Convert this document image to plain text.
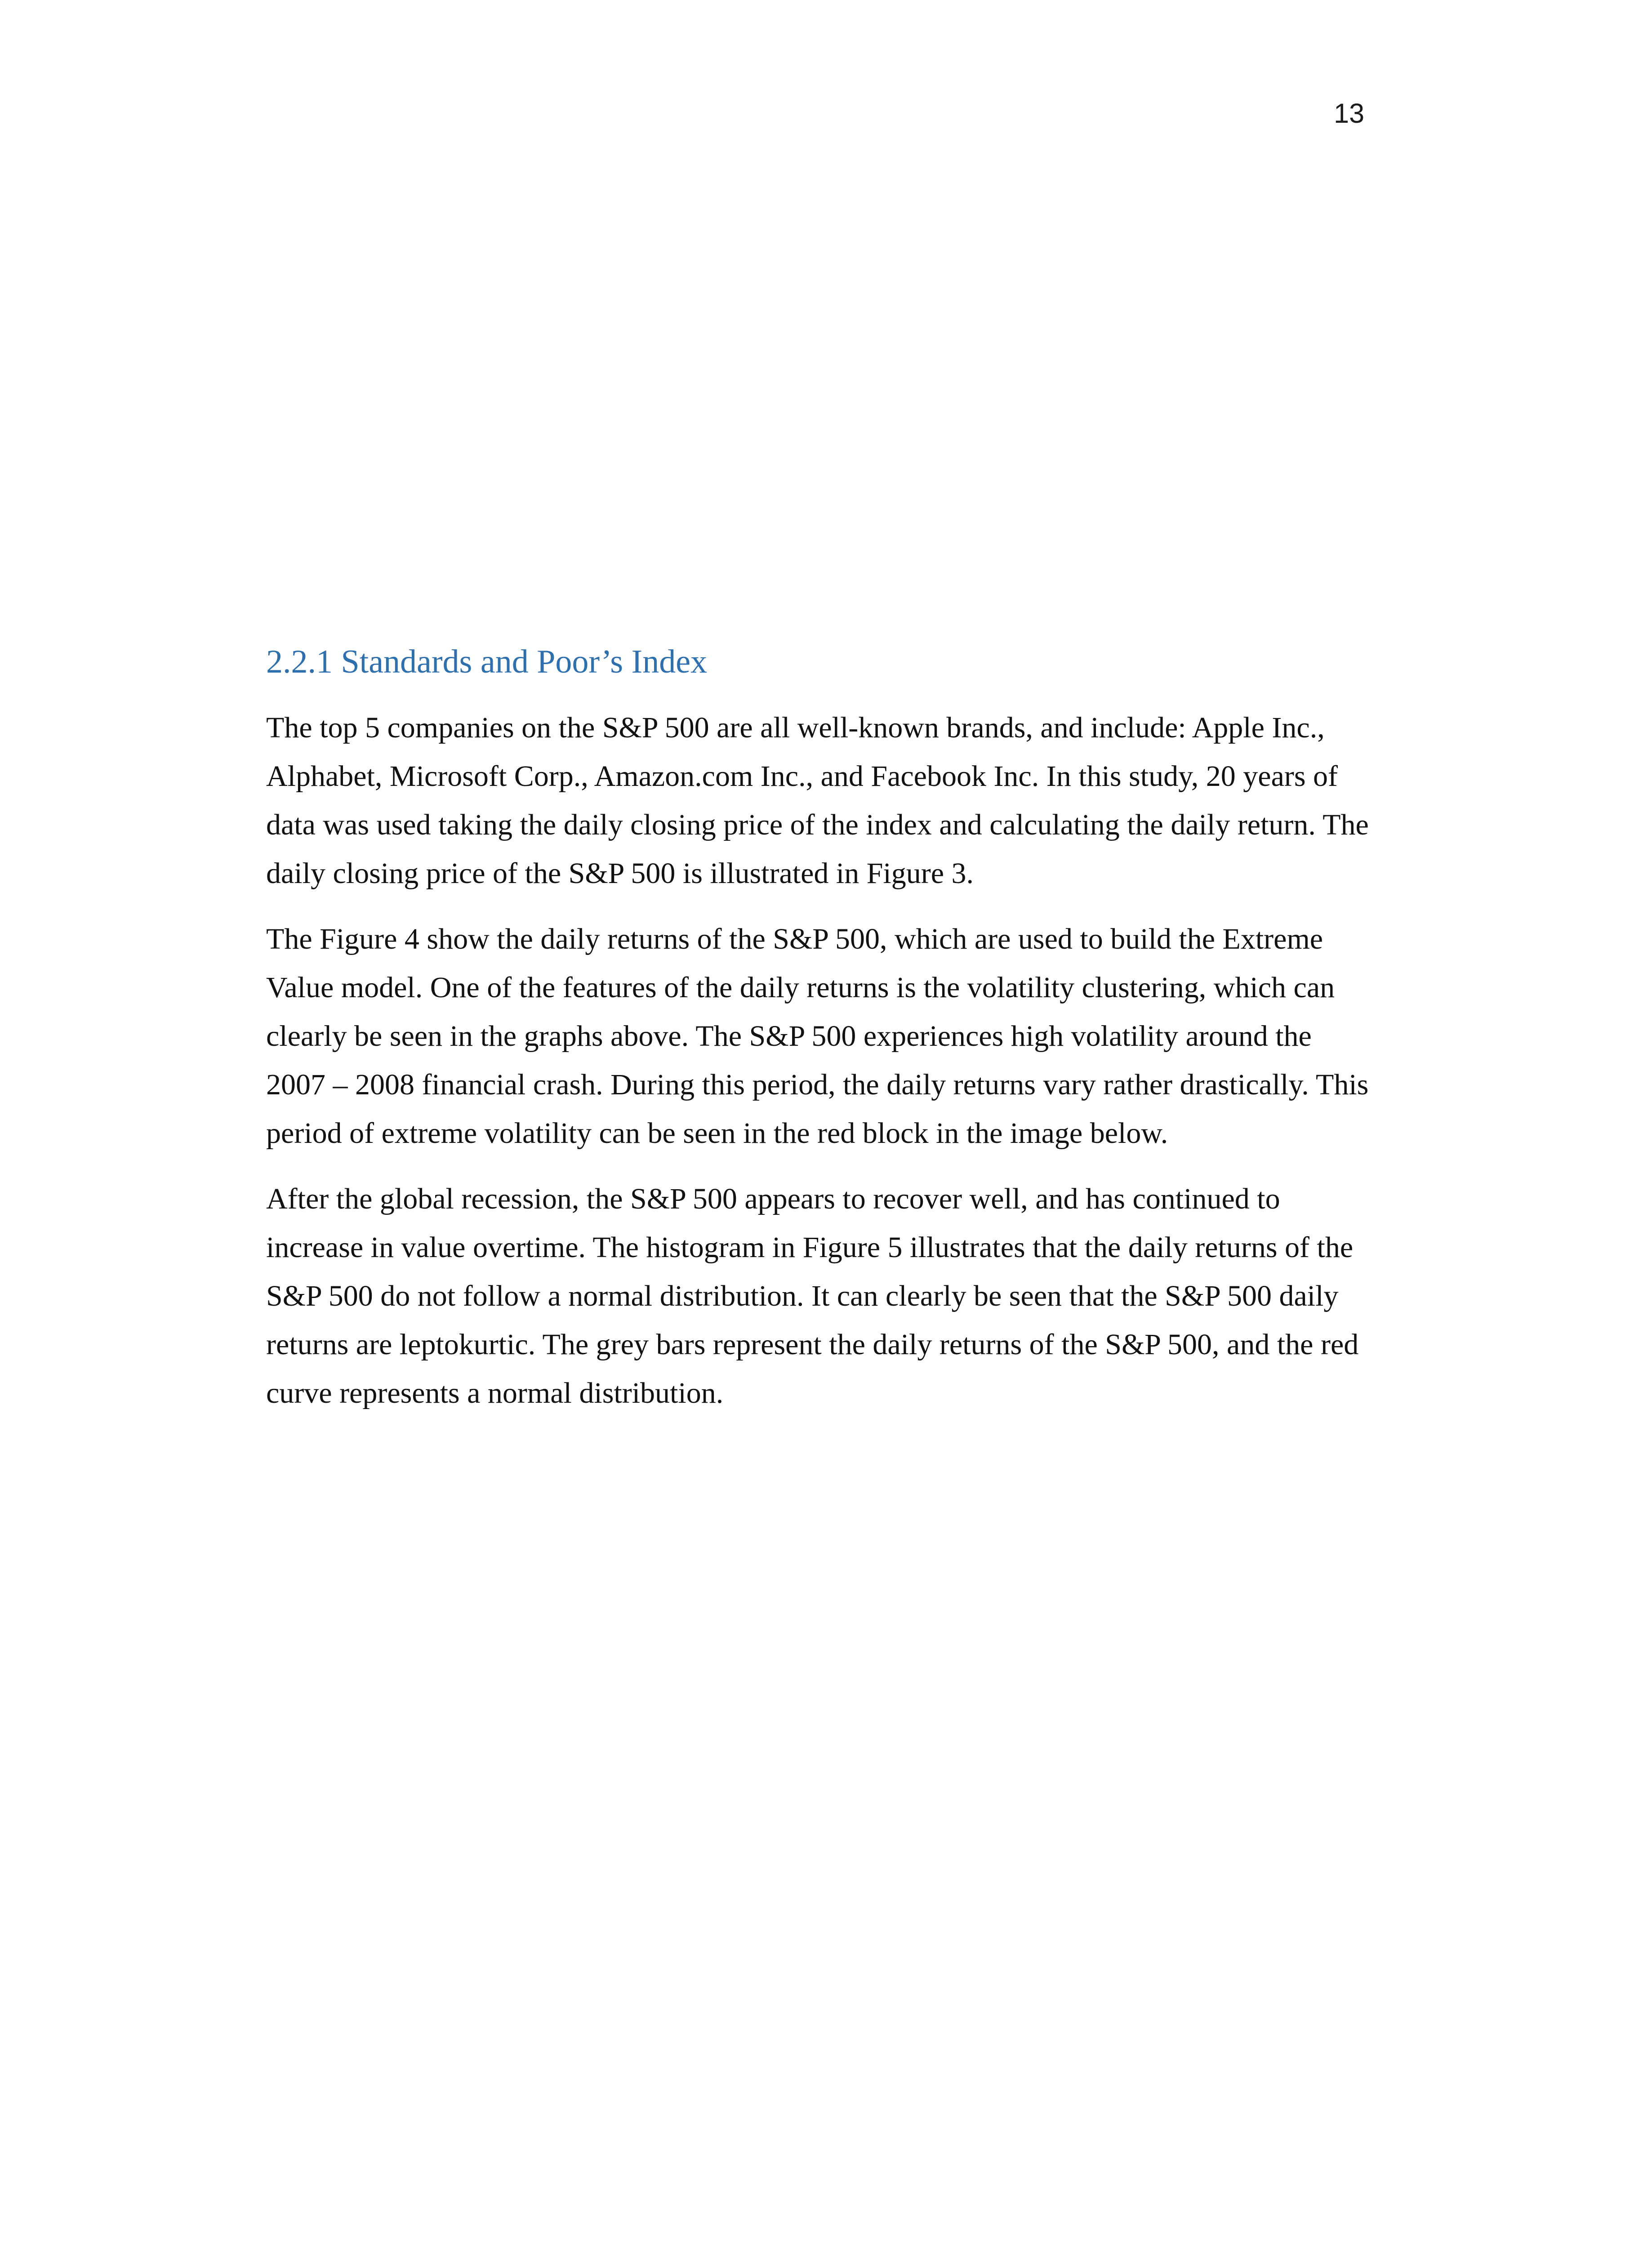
13
2.2.1 Standards and Poor’s Index

The top 5 companies on the S&P 500 are all well-known brands, and include: Apple Inc., Alphabet, Microsoft Corp., Amazon.com Inc., and Facebook Inc. In this study, 20 years of data was used taking the daily closing price of the index and calculating the daily return. The daily closing price of the S&P 500 is illustrated in Figure 3.

The Figure 4 show the daily returns of the S&P 500, which are used to build the Extreme Value model. One of the features of the daily returns is the volatility clustering, which can clearly be seen in the graphs above. The S&P 500 experiences high volatility around the 2007 – 2008 financial crash. During this period, the daily returns vary rather drastically. This period of extreme volatility can be seen in the red block in the image below.

After the global recession, the S&P 500 appears to recover well, and has continued to increase in value overtime. The histogram in Figure 5 illustrates that the daily returns of the S&P 500 do not follow a normal distribution. It can clearly be seen that the S&P 500 daily returns are leptokurtic. The grey bars represent the daily returns of the S&P 500, and the red curve represents a normal distribution.
